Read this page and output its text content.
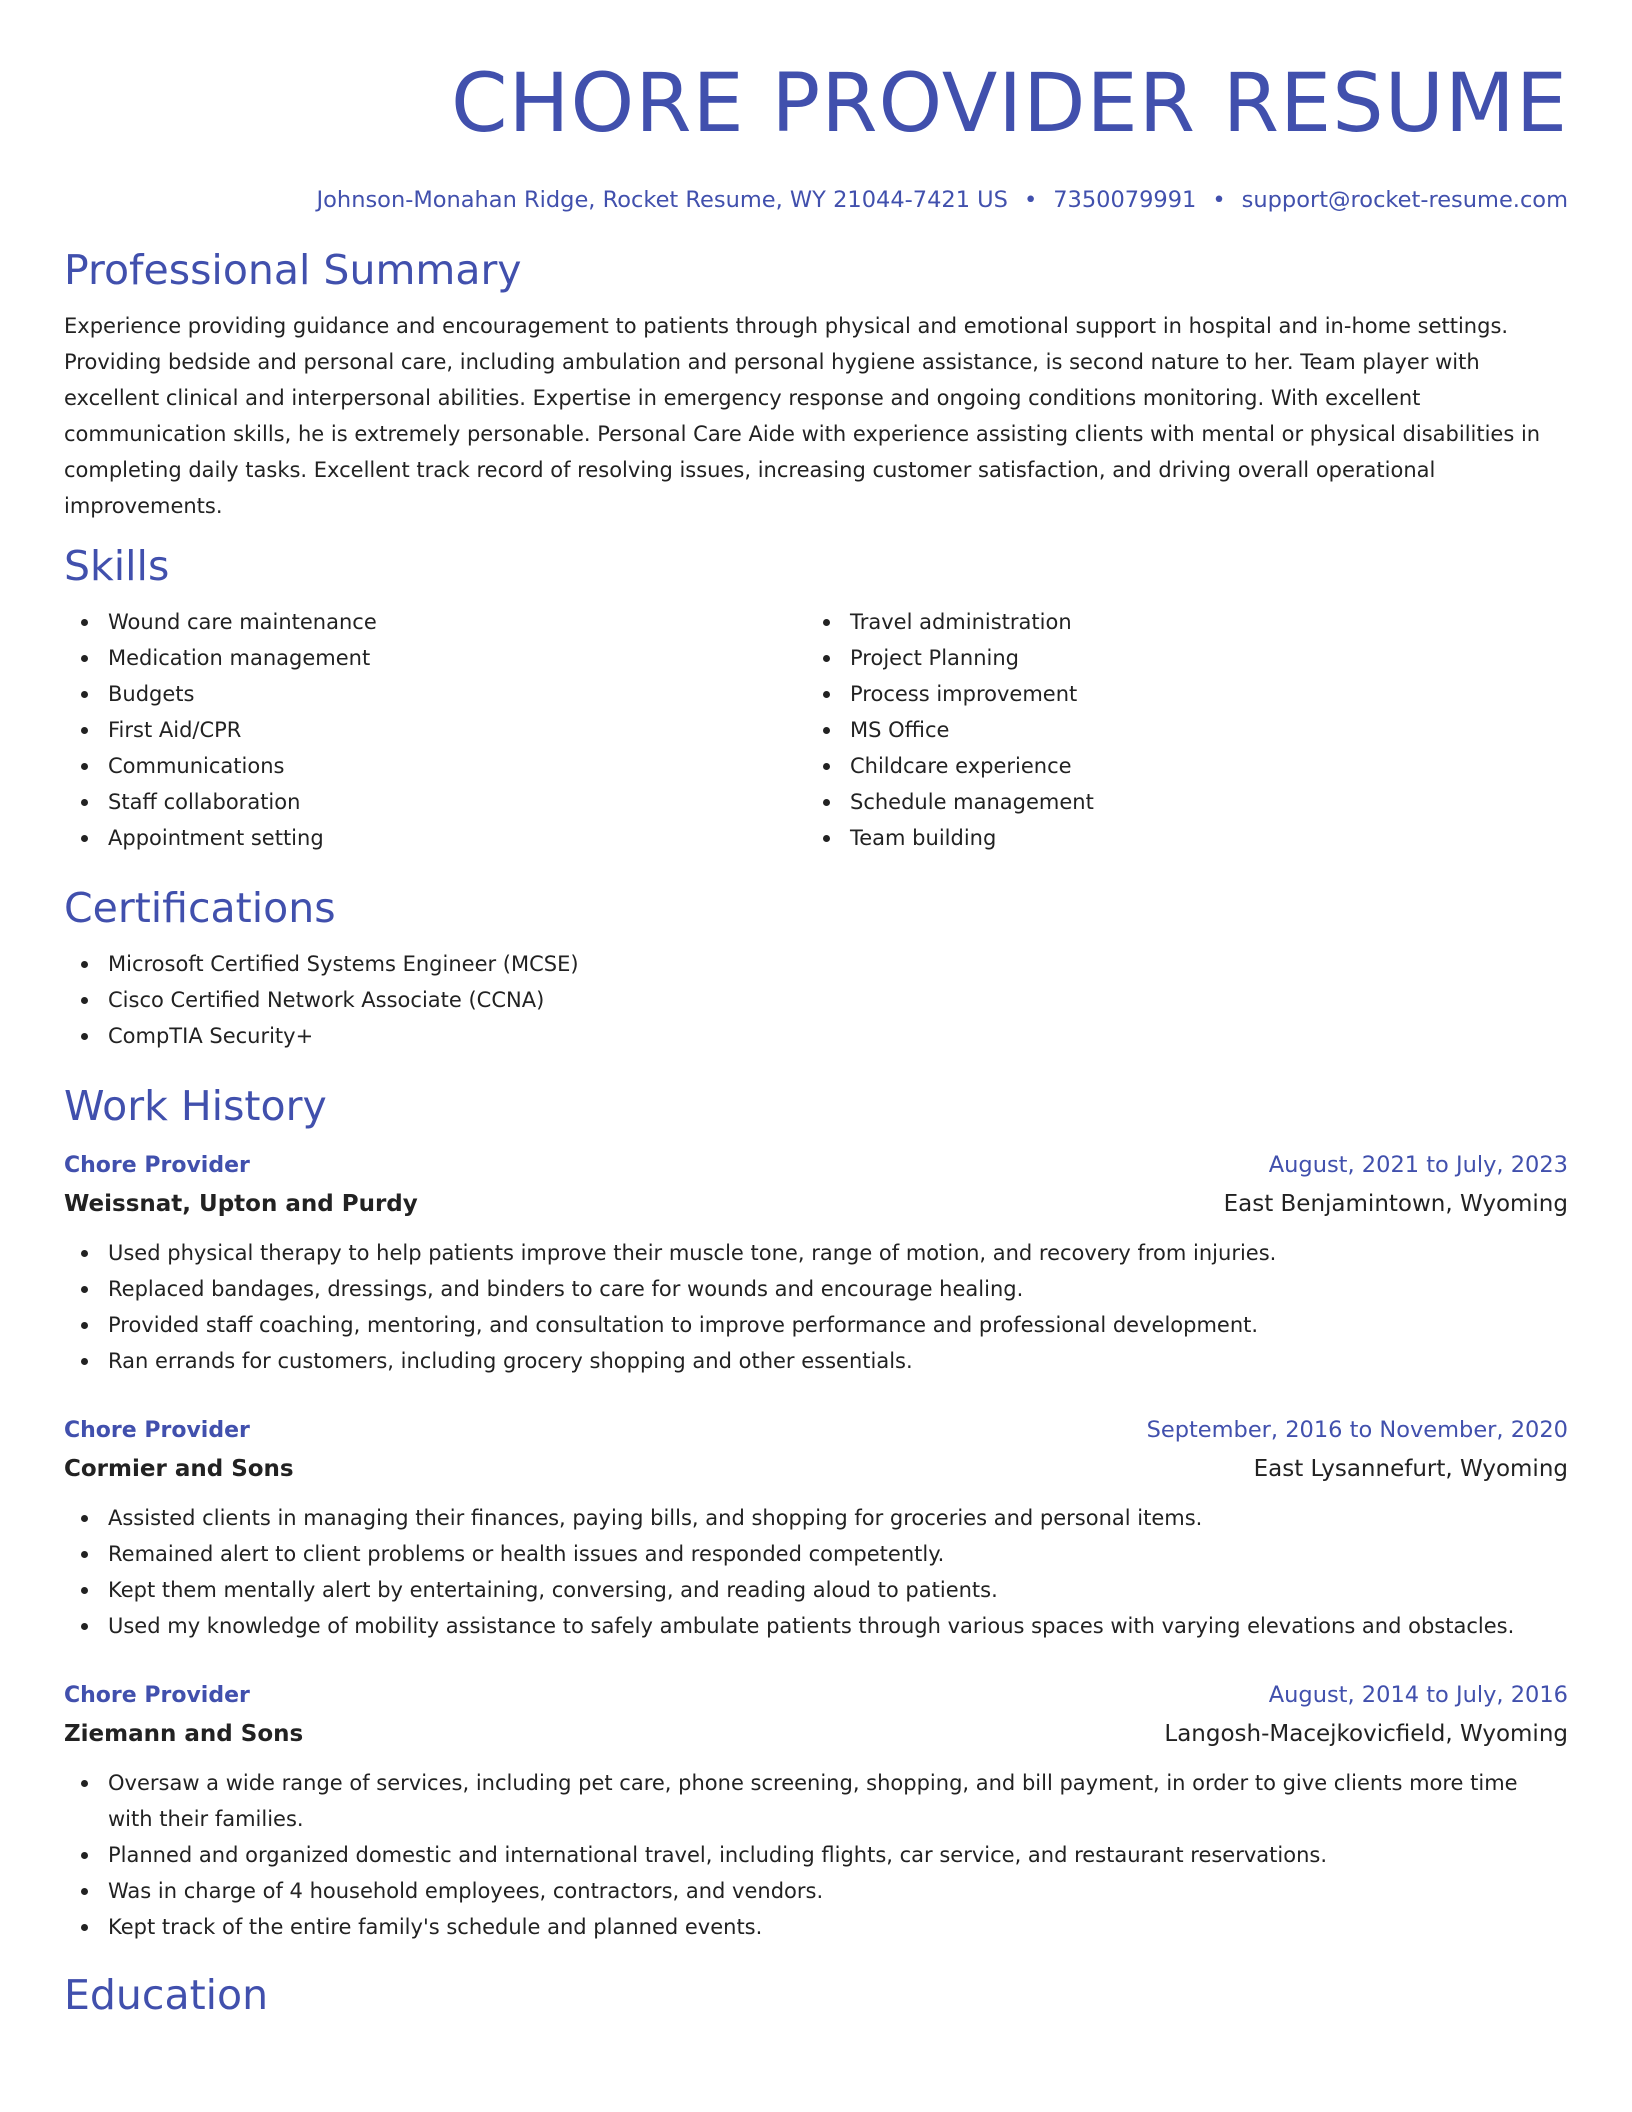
CHORE PROVIDER RESUME
Johnson-Monahan Ridge, Rocket Resume, WY 21044-7421 US • 7350079991 • support@rocket-resume.com
Professional Summary

Experience providing guidance and encouragement to patients through physical and emotional support in hospital and in-home settings. Providing bedside and personal care, including ambulation and personal hygiene assistance, is second nature to her. Team player with excellent clinical and interpersonal abilities. Expertise in emergency response and ongoing conditions monitoring. With excellent communication skills, he is extremely personable. Personal Care Aide with experience assisting clients with mental or physical disabilities in completing daily tasks. Excellent track record of resolving issues, increasing customer satisfaction, and driving overall operational improvements.

Skills
Wound care maintenance
Medication management
Budgets
First Aid/CPR
Communications
Staff collaboration
Appointment setting
Travel administration
Project Planning
Process improvement
MS Office
Childcare experience
Schedule management
Team building
Certifications
Microsoft Certified Systems Engineer (MCSE)
Cisco Certified Network Associate (CCNA)
CompTIA Security+
Work History
Chore Provider	August, 2021 to July, 2023
Weissnat, Upton and Purdy	East Benjamintown, Wyoming
Used physical therapy to help patients improve their muscle tone, range of motion, and recovery from injuries.
Replaced bandages, dressings, and binders to care for wounds and encourage healing.
Provided staff coaching, mentoring, and consultation to improve performance and professional development.
Ran errands for customers, including grocery shopping and other essentials.
Chore Provider	September, 2016 to November, 2020
Cormier and Sons	East Lysannefurt, Wyoming
Assisted clients in managing their finances, paying bills, and shopping for groceries and personal items.
Remained alert to client problems or health issues and responded competently.
Kept them mentally alert by entertaining, conversing, and reading aloud to patients.
Used my knowledge of mobility assistance to safely ambulate patients through various spaces with varying elevations and obstacles.
Chore Provider	August, 2014 to July, 2016
Ziemann and Sons	Langosh-Macejkovicfield, Wyoming
Oversaw a wide range of services, including pet care, phone screening, shopping, and bill payment, in order to give clients more time with their families.
Planned and organized domestic and international travel, including flights, car service, and restaurant reservations.
Was in charge of 4 household employees, contractors, and vendors.
Kept track of the entire family's schedule and planned events.
Education
